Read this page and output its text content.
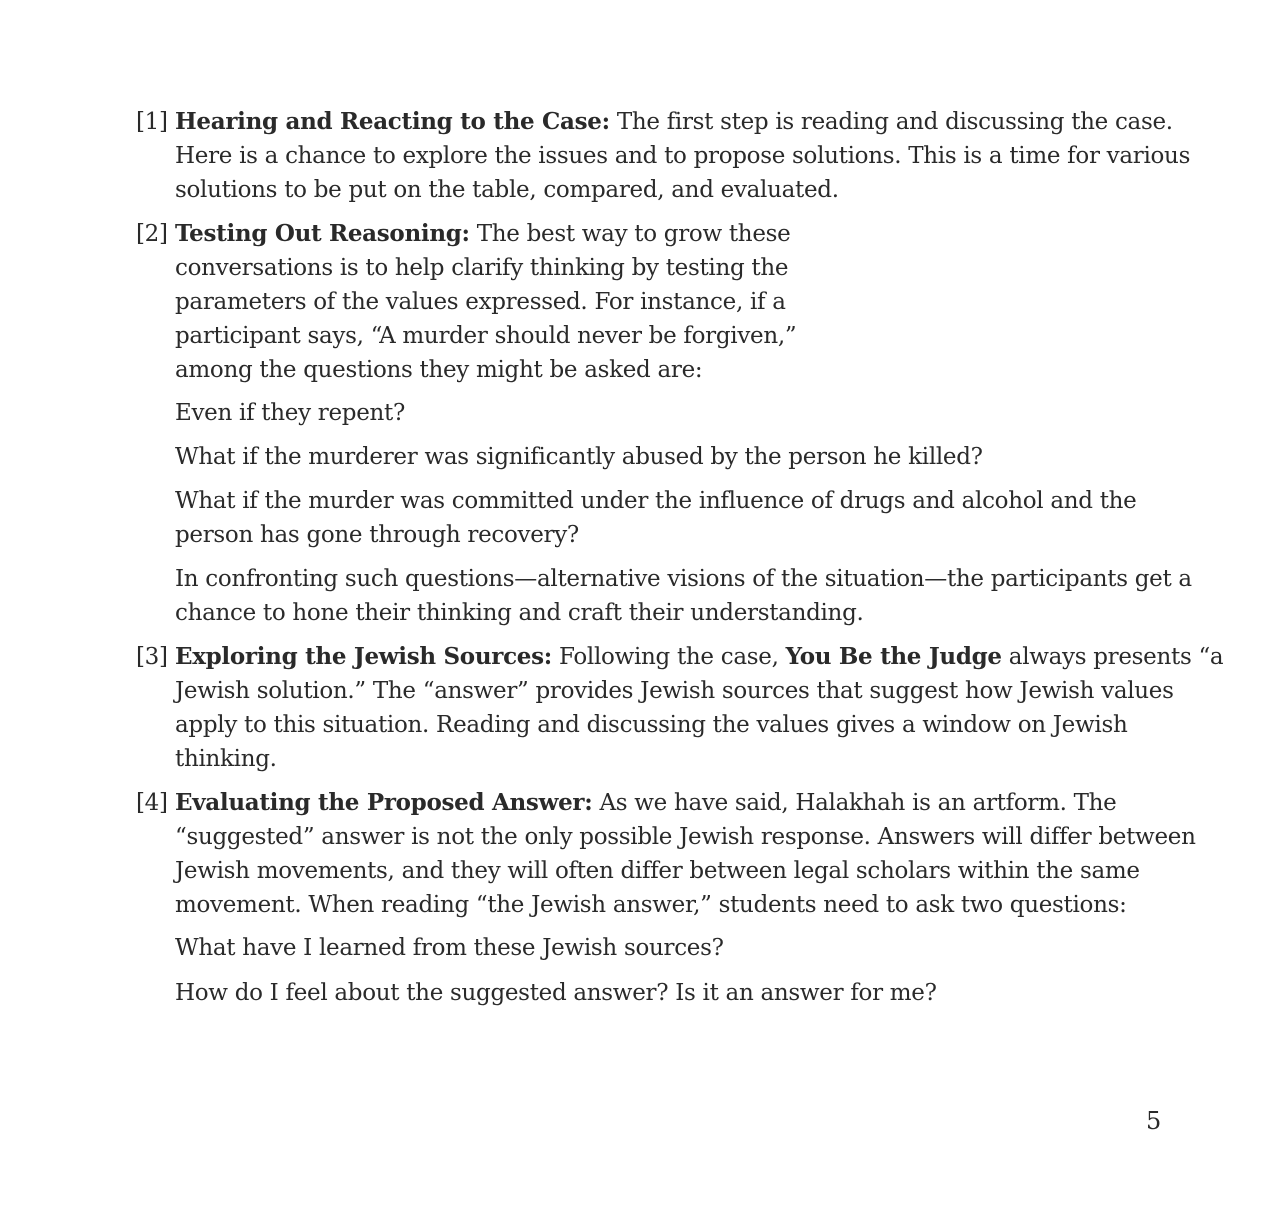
[1] Hearing and Reacting to the Case: The first step is reading and discussing the case.
Here is a chance to explore the issues and to propose solutions. This is a time for various
solutions to be put on the table, compared, and evaluated.
[2] Testing Out Reasoning: The best way to grow these
conversations is to help clarify thinking by testing the
parameters of the values expressed. For instance, if a
participant says, “A murder should never be forgiven,”
among the questions they might be asked are:
Even if they repent?
What if the murderer was significantly abused by the person he killed?
What if the murder was committed under the influence of drugs and alcohol and the
person has gone through recovery?
In confronting such questions—alternative visions of the situation—the participants get a
chance to hone their thinking and craft their understanding.
[3] Exploring the Jewish Sources: Following the case, You Be the Judge always presents “a
Jewish solution.” The “answer” provides Jewish sources that suggest how Jewish values
apply to this situation. Reading and discussing the values gives a window on Jewish
thinking.
[4] Evaluating the Proposed Answer: As we have said, Halakhah is an artform. The
“suggested” answer is not the only possible Jewish response. Answers will differ between
Jewish movements, and they will often differ between legal scholars within the same
movement. When reading “the Jewish answer,” students need to ask two questions:
What have I learned from these Jewish sources?
How do I feel about the suggested answer? Is it an answer for me?
5
